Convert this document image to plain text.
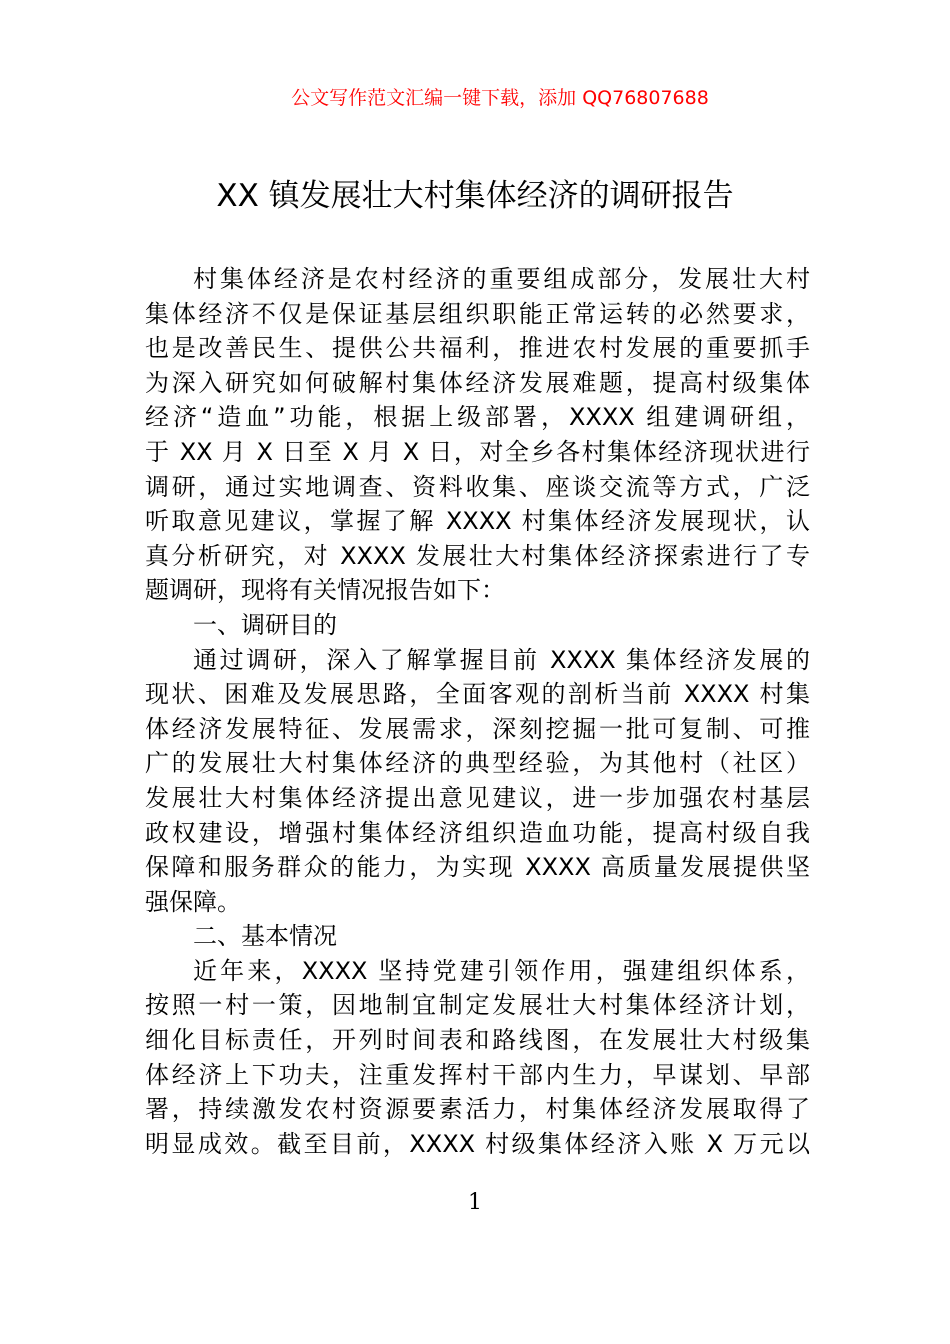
公文写作范文汇编一键下载，添加 QQ76807688
XX 镇发展壮大村集体经济的调研报告
村集体经济是农村经济的重要组成部分，发展壮大村
集体经济不仅是保证基层组织职能正常运转的必然要求，
也是改善民生、提供公共福利，推进农村发展的重要抓手
为深入研究如何破解村集体经济发展难题，提高村级集体
经济“造血”功能，根据上级部署，XXXX 组建调研组，
于 XX 月 X 日至 X 月 X 日，对全乡各村集体经济现状进行
调研，通过实地调查、资料收集、座谈交流等方式，广泛
听取意见建议，掌握了解 XXXX 村集体经济发展现状，认
真分析研究，对 XXXX 发展壮大村集体经济探索进行了专
题调研，现将有关情况报告如下：
一、调研目的
通过调研，深入了解掌握目前 XXXX 集体经济发展的
现状、困难及发展思路，全面客观的剖析当前 XXXX 村集
体经济发展特征、发展需求，深刻挖掘一批可复制、可推
广的发展壮大村集体经济的典型经验，为其他村（社区）
发展壮大村集体经济提出意见建议，进一步加强农村基层
政权建设，增强村集体经济组织造血功能，提高村级自我
保障和服务群众的能力，为实现 XXXX 高质量发展提供坚
强保障。
二、基本情况
近年来，XXXX 坚持党建引领作用，强建组织体系，
按照一村一策，因地制宜制定发展壮大村集体经济计划，
细化目标责任，开列时间表和路线图，在发展壮大村级集
体经济上下功夫，注重发挥村干部内生力，早谋划、早部
署，持续激发农村资源要素活力，村集体经济发展取得了
明显成效。截至目前，XXXX 村级集体经济入账 X 万元以
1
